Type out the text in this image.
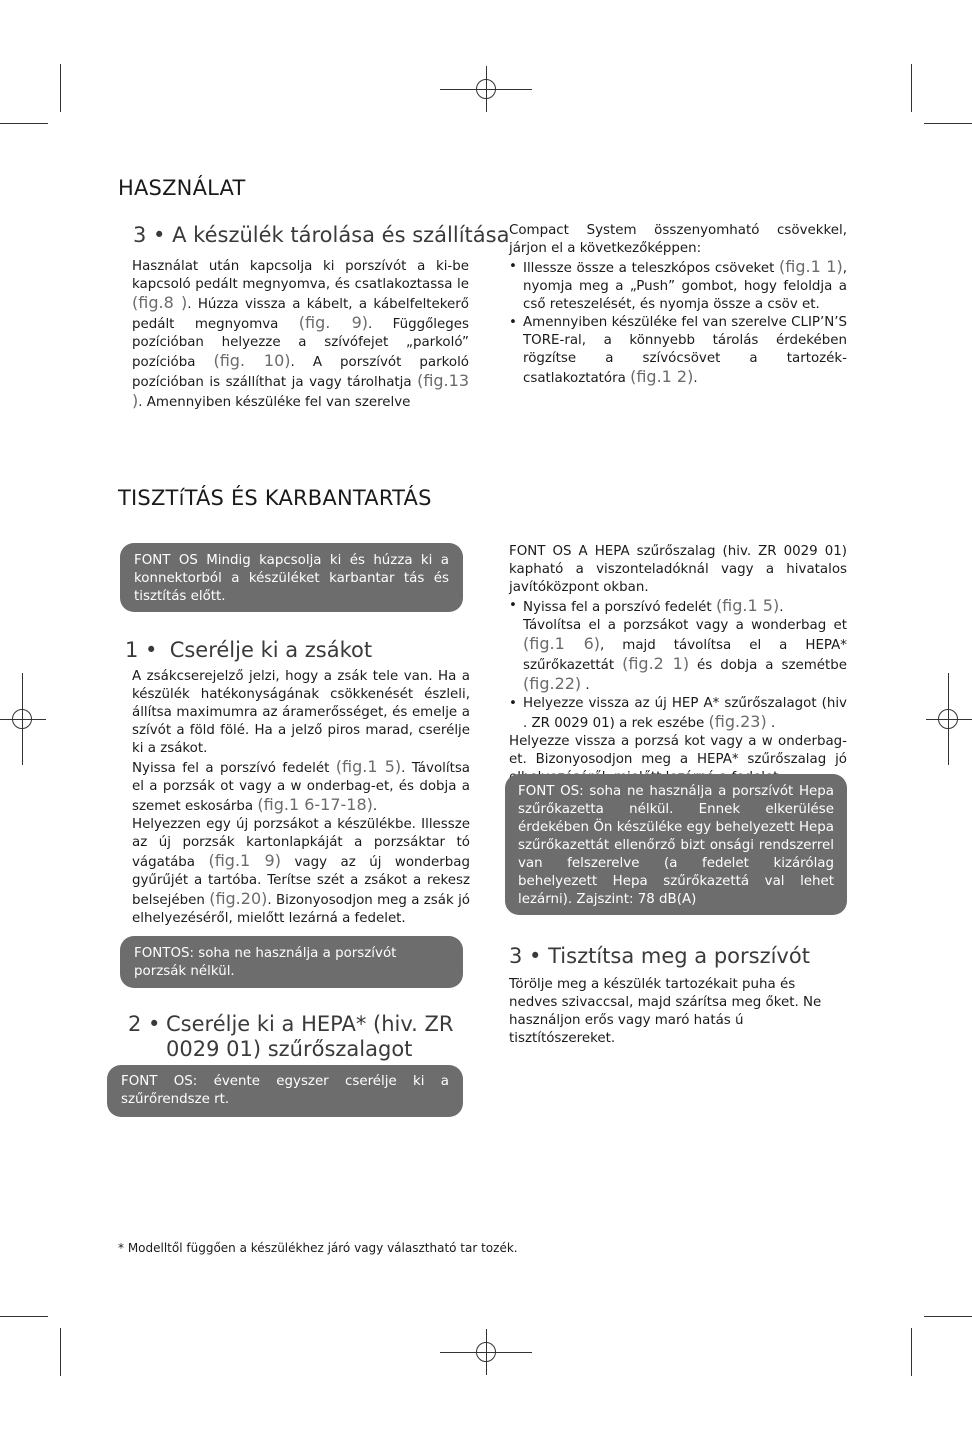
HASZNÁLAT
3 • A készülék tárolása és szállítása

Használat után kapcsolja ki porszívót a ki-be kapcsoló pedált megnyomva, és csatlakoztassa le (fig.8 ). Húzza vissza a kábelt, a kábelfeltekerő pedált megnyomva (fig. 9). Függőleges pozícióban helyezze a szívófejet „parkoló” pozícióba (fig. 10). A porszívót parkoló pozícióban is szállíthat ja vagy tárolhatja (fig.13 ). Amennyiben készüléke fel van szerelve

Compact System összenyomható csövekkel, járjon el a következőképpen:

• Illessze össze a teleszkópos csöveket (fig.1 1), nyomja meg a „Push” gombot, hogy feloldja a cső reteszelését, és nyomja össze a csöv et.
• Amennyiben készüléke fel van szerelve CLIP’N’S TORE-ral, a könnyebb tárolás érdekében rögzítse a szívócsövet a tartozék-csatlakoztatóra (fig.1 2).
TISZTíTÁS ÉS KARBANTARTÁS
FONT OS Mindig kapcsolja ki és húzza ki a konnektorból a készüléket karbantar tás és tisztítás előtt.
1 • Cserélje ki a zsákot

A zsákcserejelző jelzi, hogy a zsák tele van. Ha a készülék hatékonyságának csökkenését észleli, állítsa maximumra az áramerősséget, és emelje a szívót a föld fölé. Ha a jelző piros marad, cserélje ki a zsákot.

Nyissa fel a porszívó fedelét (fig.1 5). Távolítsa el a porzsák ot vagy a w onderbag-et, és dobja a szemet eskosárba (fig.1 6-17-18).

Helyezzen egy új porzsákot a készülékbe. Illessze az új porzsák kartonlapkáját a porzsáktar tó vágatába (fig.1 9) vagy az új wonderbag gyűrűjét a tartóba. Terítse szét a zsákot a rekesz belsejében (fig.20). Bizonyosodjon meg a zsák jó elhelyezéséről, mielőtt lezárná a fedelet.

FONTOS: soha ne használja a porszívót porzsák nélkül.
2 • Cserélje ki a HEPA* (hiv. ZR 0029 01) szűrőszalagot
FONT OS: évente egyszer cserélje ki a szűrőrendsze rt.

FONT OS A HEPA szűrőszalag (hiv. ZR 0029 01) kapható a viszonteladóknál vagy a hivatalos javítóközpont okban.

• Nyissa fel a porszívó fedelét (fig.1 5).
Távolítsa el a porzsákot vagy a wonderbag et (fig.1 6), majd távolítsa el a HEPA* szűrőkazettát (fig.2 1) és dobja a szemétbe (fig.22) .
• Helyezze vissza az új HEP A* szűrőszalagot (hiv . ZR 0029 01) a rek eszébe (fig.23) .

Helyezze vissza a porzsá kot vagy a w onderbag-et. Bizonyosodjon meg a HEPA* szűrőszalag jó

FONT OS: soha ne használja a porszívót Hepa szűrőkazetta nélkül. Ennek elkerülése érdekében Ön készüléke egy behelyezett Hepa szűrőkazettát ellenőrző bizt onsági rendszerrel van felszerelve (a fedelet kizárólag behelyezett Hepa szűrőkazettá val lehet lezárni). Zajszint: 78 dB(A)
3 • Tisztítsa meg a porszívót

Törölje meg a készülék tartozékait puha és nedves szivaccsal, majd szárítsa meg őket. Ne használjon erős vagy maró hatás ú tisztítószereket.

* Modelltől függően a készülékhez járó vagy választható tar tozék.
